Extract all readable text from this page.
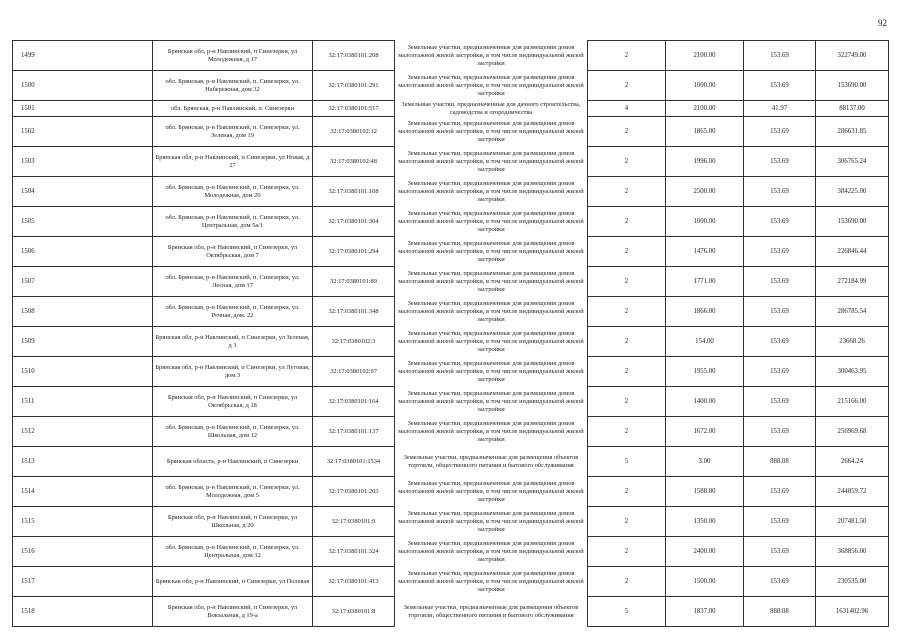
92
1499	Брянская обл, р-н Навлинский, п Синезерки, ул Молодежная, д 17	32:17:0380101:208	Земельные участки, предназначенные для размещения домов малоэтажной жилой застройки, в том числе индивидуальной жилой застройки	2	2100.00	153.69	322749.00
1500	обл. Брянская, р-н Навлинский, п. Синезерки, ул. Набережная, дом 32	32:17:0380101:291	Земельные участки, предназначенные для размещения домов малоэтажной жилой застройки, в том числе индивидуальной жилой застройки	2	1000.00	153.69	153690.00
1501	обл. Брянская, р-н Навлинский, п. Синезерки	32:17:0380101:517	Земельные участки, предназначенные для дачного строительства, садоводства и огородничества	4	2100.00	41.97	88137.00
1502	обл. Брянская, р-н Навлинский, п. Синезерки, ул. Зеленая, дом 19	32:17:0380102:12	Земельные участки, предназначенные для размещения домов малоэтажной жилой застройки, в том числе индивидуальной жилой застройки	2	1865.00	153.69	286631.85
1503	Брянская обл, р-н Навлинский, п Синезерки, ул Новая, д 27	32:17:0380102:48	Земельные участки, предназначенные для размещения домов малоэтажной жилой застройки, в том числе индивидуальной жилой застройки	2	1996.00	153.69	306765.24
1504	обл. Брянская, р-н Навлинский, п. Синезерки, ул. Молодежная, дом 20	32:17:0380101:108	Земельные участки, предназначенные для размещения домов малоэтажной жилой застройки, в том числе индивидуальной жилой застройки	2	2500.00	153.69	384225.00
1505	обл. Брянская, р-н Навлинский, п. Синезерки, ул. Центральная, дом 5а/1	32:17:0380101:304	Земельные участки, предназначенные для размещения домов малоэтажной жилой застройки, в том числе индивидуальной жилой застройки	2	1000.00	153.69	153690.00
1506	Брянская обл, р-н Навлинский, п Синезерки, ул Октябрьская, дом 7	32:17:0380101:294	Земельные участки, предназначенные для размещения домов малоэтажной жилой застройки, в том числе индивидуальной жилой застройки	2	1476.00	153.69	226846.44
1507	обл. Брянская, р-н Навлинский, п. Синезерки, ул. Лесная, дом 17	32:17:0380101:89	Земельные участки, предназначенные для размещения домов малоэтажной жилой застройки, в том числе индивидуальной жилой застройки	2	1771.00	153.69	272184.99
1508	обл. Брянская, р-н Навлинский, п. Синезерки, ул. Речная, дом. 22	32:17:0380101:348	Земельные участки, предназначенные для размещения домов малоэтажной жилой застройки, в том числе индивидуальной жилой застройки	2	1866.00	153.69	286785.54
1509	Брянская обл, р-н Навлинский, п Синезерки, ул Зеленая, д 3	32:17:0380102:3	Земельные участки, предназначенные для размещения домов малоэтажной жилой застройки, в том числе индивидуальной жилой застройки	2	154.00	153.69	23668.26
1510	Брянская обл, р-н Навлинский, п Синезерки, ул Луговая, дом 3	32:17:0380102:97	Земельные участки, предназначенные для размещения домов малоэтажной жилой застройки, в том числе индивидуальной жилой застройки	2	1955.00	153.69	300463.95
1511	Брянская обл, р-н Навлинский, п Синезерки, ул Октябрьская, д 18	32:17:0380101:164	Земельные участки, предназначенные для размещения домов малоэтажной жилой застройки, в том числе индивидуальной жилой застройки	2	1400.00	153.69	215166.00
1512	обл. Брянская, р-н Навлинский, п. Синезерки, ул. Школьная, дом 12	32:17:0380101:137	Земельные участки, предназначенные для размещения домов малоэтажной жилой застройки, в том числе индивидуальной жилой застройки	2	1672.00	153.69	256969.68
1513	Брянская область, р-н Навлинский, п Синезерки	32:17:0380101:1534	Земельные участки, предназначенные для размещения объектов торговли, общественного питания и бытового обслуживания	5	3.00	888.08	2664.24
1514	обл. Брянская, р-н Навлинский, п. Синезерки, ул. Молодежная, дом 5	32:17:0380101:203	Земельные участки, предназначенные для размещения домов малоэтажной жилой застройки, в том числе индивидуальной жилой застройки	2	1588.00	153.69	244059.72
1515	Брянская обл, р-н Навлинский, п Синезерки, ул Школьная, д 20	32:17:0380101:9	Земельные участки, предназначенные для размещения домов малоэтажной жилой застройки, в том числе индивидуальной жилой застройки	2	1350.00	153.69	207481.50
1516	обл. Брянская, р-н Навлинский, п. Синезерки, ул. Центральная, дом 12	32:17:0380101:324	Земельные участки, предназначенные для размещения домов малоэтажной жилой застройки, в том числе индивидуальной жилой застройки	2	2400.00	153.69	368856.00
1517	Брянская обл, р-н Навлинский, п Синезерки, ул Полевая	32:17:0380101:413	Земельные участки, предназначенные для размещения домов малоэтажной жилой застройки, в том числе индивидуальной жилой застройки	2	1500.00	153.69	230535.00
1518	Брянская обл, р-н Навлинский, п Синезерки, ул Вокзальная, д 19-а	32:17:0380101:8	Земельные участки, предназначенные для размещения объектов торговли, общественного питания и бытового обслуживания	5	1837.00	888.08	1631402.96
